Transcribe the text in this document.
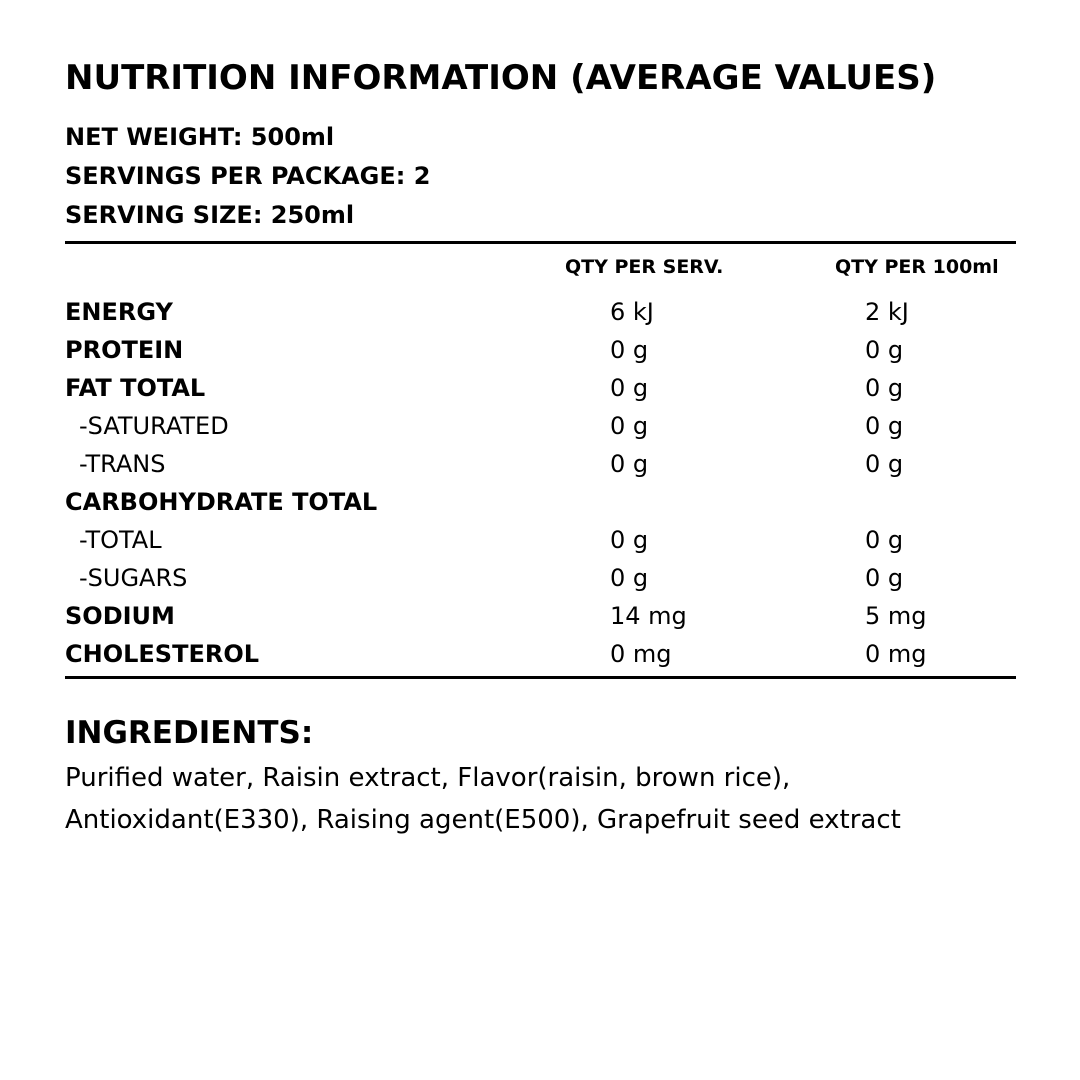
NUTRITION INFORMATION (AVERAGE VALUES)
NET WEIGHT: 500ml
SERVINGS PER PACKAGE: 2
SERVING SIZE: 250ml
QTY PER SERV.	QTY PER 100ml
ENERGY	6 kJ	2 kJ
PROTEIN	0 g	0 g
FAT TOTAL	0 g	0 g
-SATURATED	0 g	0 g
-TRANS	0 g	0 g
CARBOHYDRATE TOTAL
-TOTAL	0 g	0 g
-SUGARS	0 g	0 g
SODIUM	14 mg	5 mg
CHOLESTEROL	0 mg	0 mg
INGREDIENTS:
Purified water, Raisin extract, Flavor(raisin, brown rice), Antioxidant(E330), Raising agent(E500), Grapefruit seed extract
